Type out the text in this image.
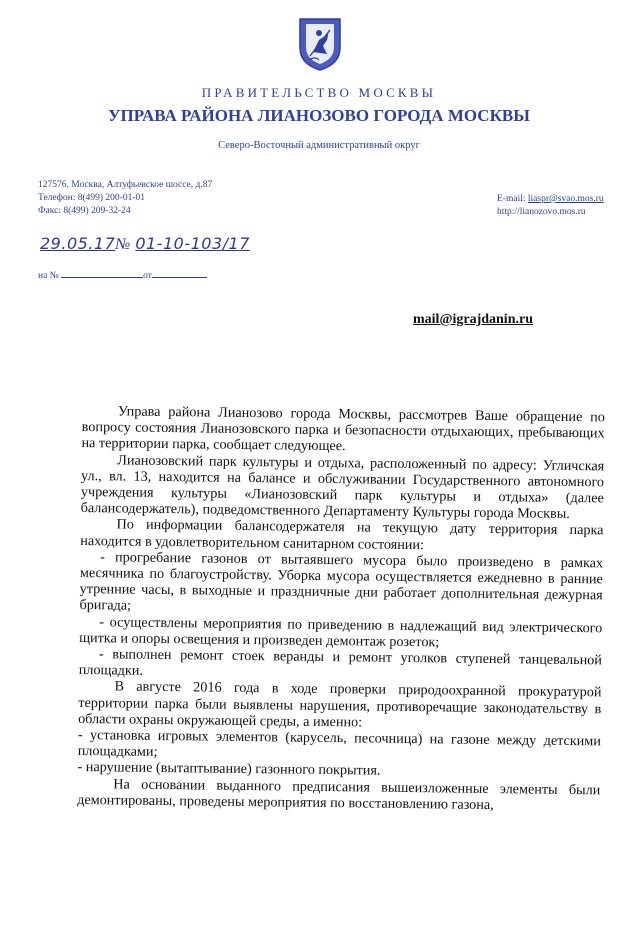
ПРАВИТЕЛЬСТВО МОСКВЫ
УПРАВА РАЙОНА ЛИАНОЗОВО ГОРОДА МОСКВЫ
Северо-Восточный административный округ
127576, Москва, Алтуфьевское шоссе, д.87
Телефон: 8(499) 200-01-01
Факс: 8(499) 209-32-24
E-mail: liaspr@svao.mos.ru
http://lianozovo.mos.ru
29.05.17№ 01-10-103/17
на №	от
mail@igrajdanin.ru

Управа района Лианозово города Москвы, рассмотрев Ваше обращение по вопросу состояния Лианозовского парка и безопасности отдыхающих, пребывающих на территории парка, сообщает следующее.

Лианозовский парк культуры и отдыха, расположенный по адресу: Угличская ул., вл. 13, находится на балансе и обслуживании Государственного автономного учреждения культуры «Лианозовский парк культуры и отдыха» (далее балансодержатель), подведомственного Департаменту Культуры города Москвы.

По информации балансодержателя на текущую дату территория парка находится в удовлетворительном санитарном состоянии:

- прогребание газонов от вытаявшего мусора было произведено в рамках месячника по благоустройству. Уборка мусора осуществляется ежедневно в ранние утренние часы, в выходные и праздничные дни работает дополнительная дежурная бригада;

- осуществлены мероприятия по приведению в надлежащий вид электрического щитка и опоры освещения и произведен демонтаж розеток;

- выполнен ремонт стоек веранды и ремонт уголков ступеней танцевальной площадки.

В августе 2016 года в ходе проверки природоохранной прокуратурой территории парка были выявлены нарушения, противоречащие законодательству в области охраны окружающей среды, а именно:

- установка игровых элементов (карусель, песочница) на газоне между детскими площадками;

- нарушение (вытаптывание) газонного покрытия.

На основании выданного предписания вышеизложенные элементы были демонтированы, проведены мероприятия по восстановлению газона,
